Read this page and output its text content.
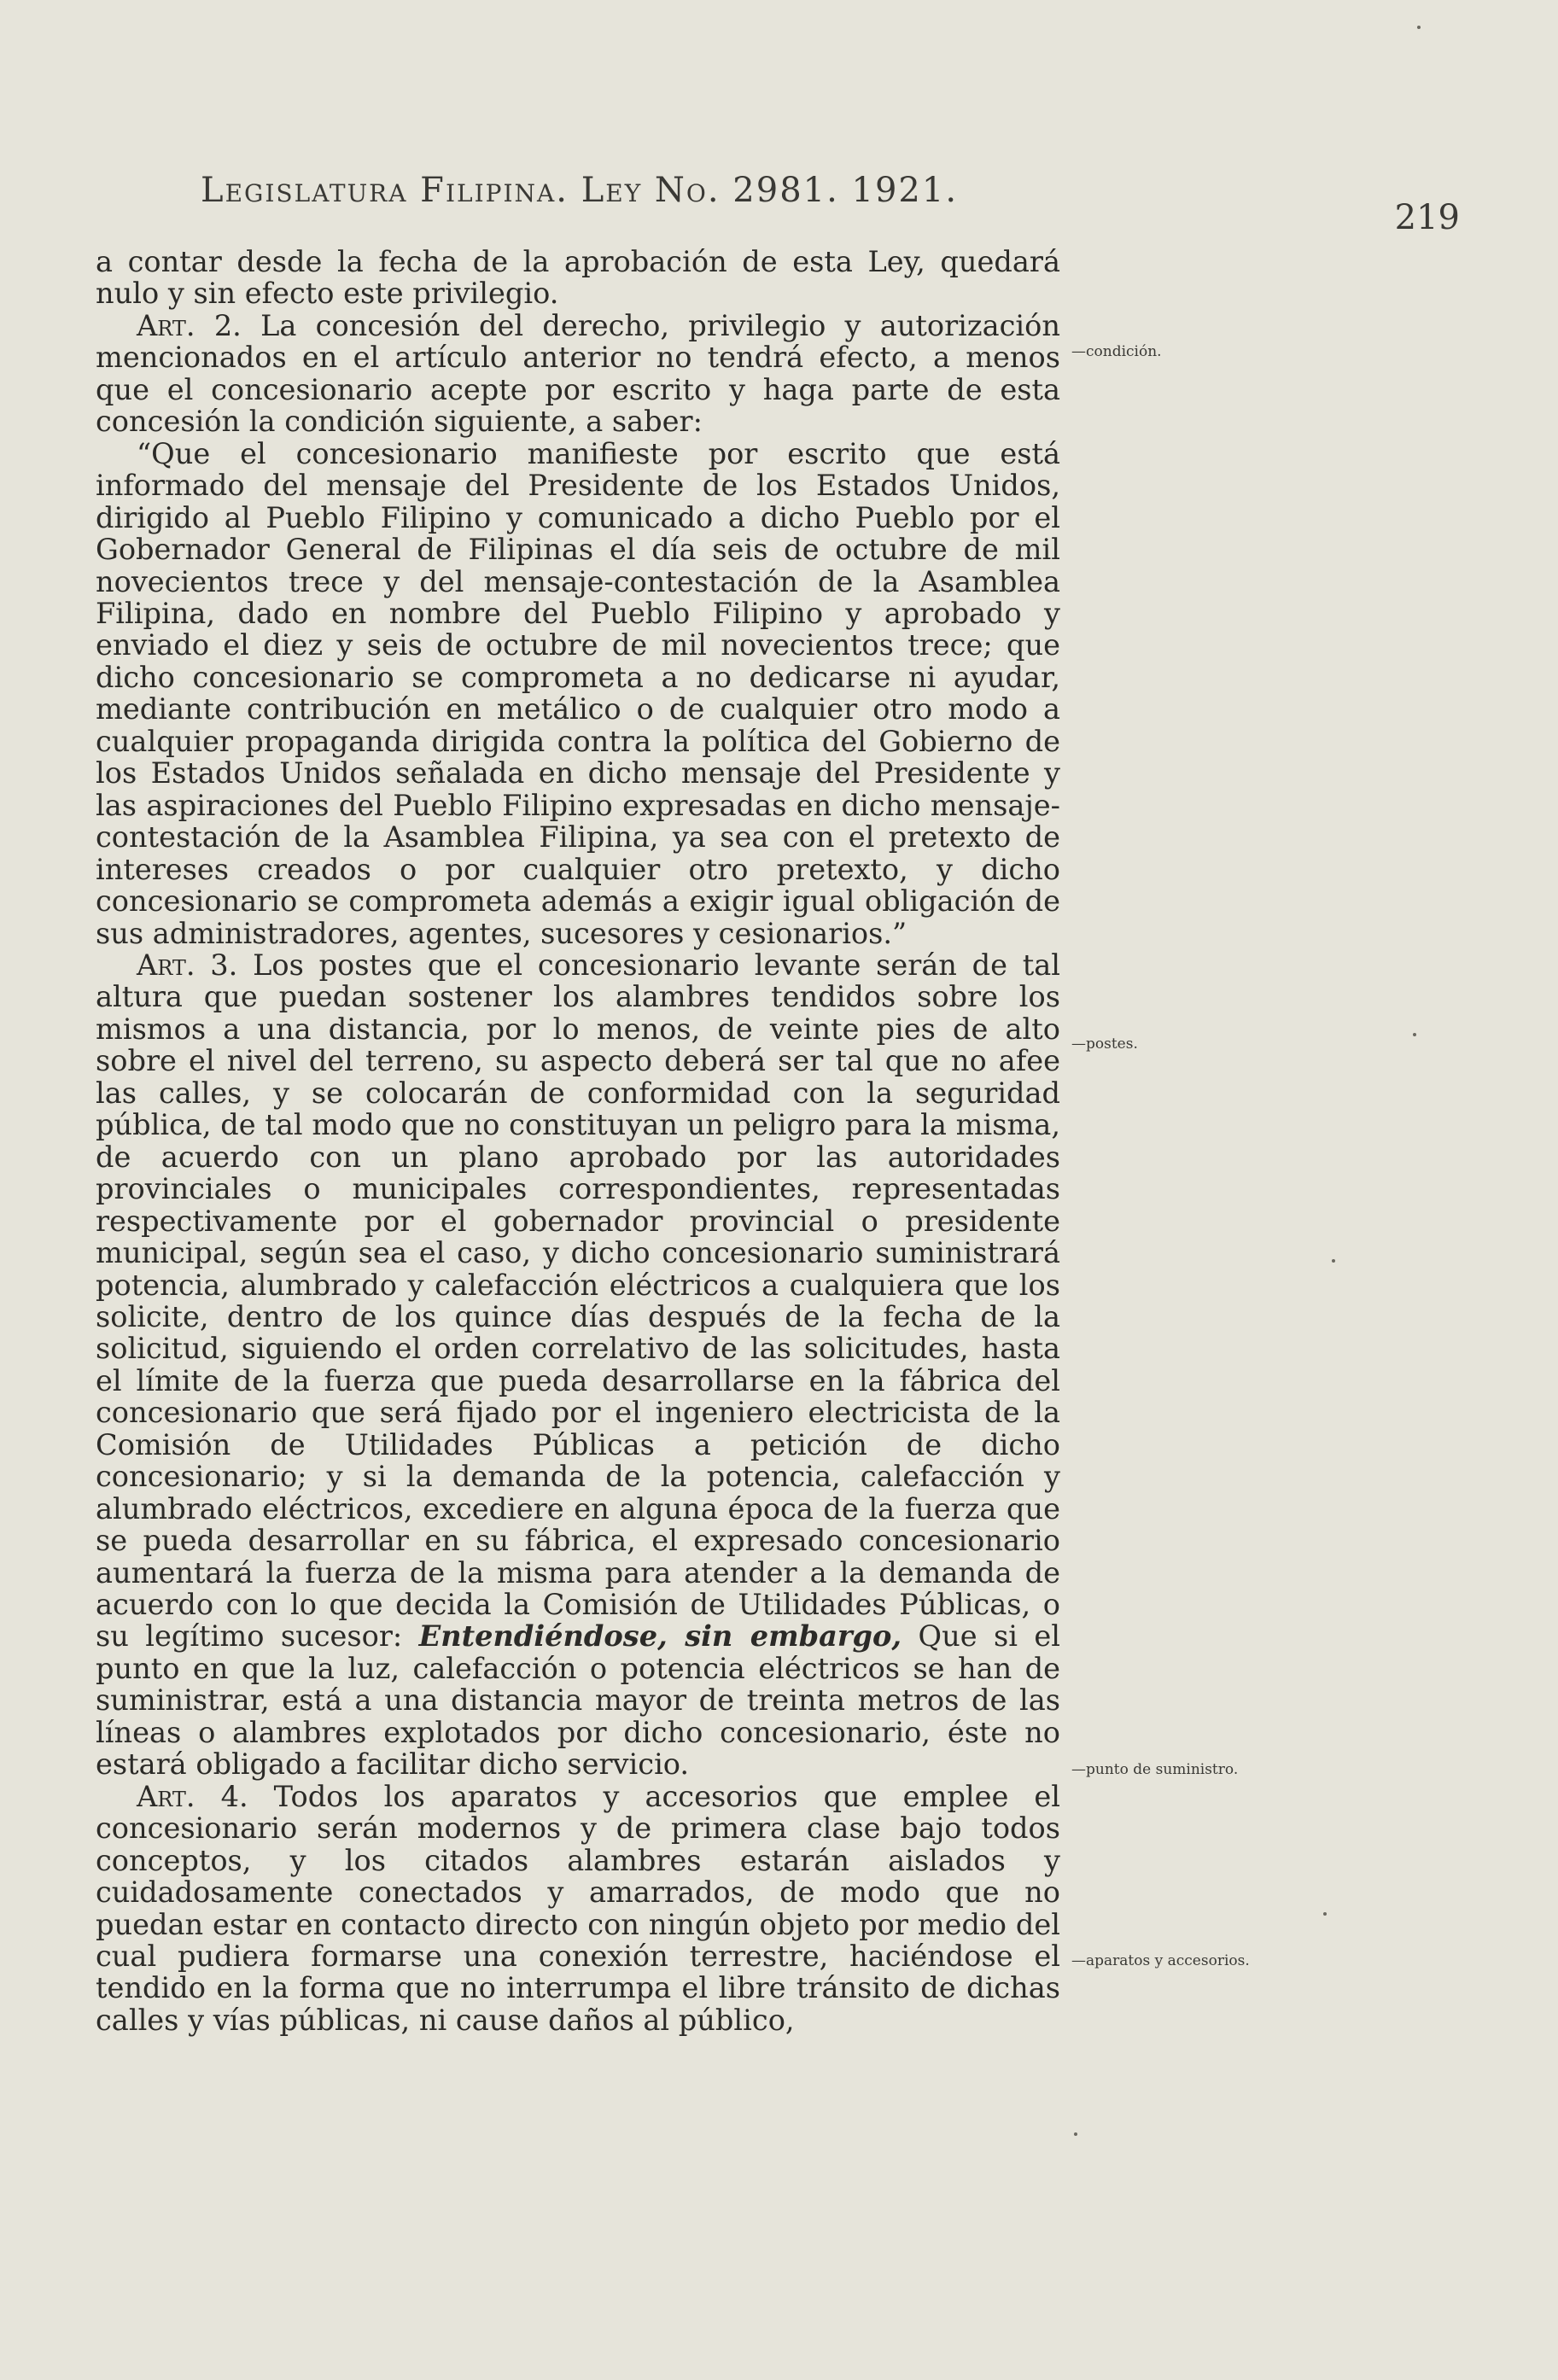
Legislatura Filipina. Ley No. 2981. 1921.
219

a contar desde la fecha de la aprobación de esta Ley, quedará nulo y sin efecto este privilegio.

Art. 2. La concesión del derecho, privilegio y autorización mencionados en el artículo anterior no tendrá efecto, a menos que el concesionario acepte por escrito y haga parte de esta concesión la condición siguiente, a saber:

“Que el concesionario manifieste por escrito que está informado del mensaje del Presidente de los Estados Unidos, dirigido al Pueblo Filipino y comunicado a dicho Pueblo por el Gobernador General de Filipinas el día seis de octubre de mil novecientos trece y del mensaje-contestación de la Asamblea Filipina, dado en nombre del Pueblo Filipino y aprobado y enviado el diez y seis de octubre de mil novecientos trece; que dicho concesionario se comprometa a no dedicarse ni ayudar, mediante contribución en metálico o de cualquier otro modo a cualquier propaganda dirigida contra la política del Gobierno de los Estados Unidos señalada en dicho mensaje del Presidente y las aspiraciones del Pueblo Filipino expresadas en dicho mensaje-contestación de la Asamblea Filipina, ya sea con el pretexto de intereses creados o por cualquier otro pretexto, y dicho concesionario se comprometa además a exigir igual obligación de sus administradores, agentes, sucesores y cesionarios.”

Art. 3. Los postes que el concesionario levante serán de tal altura que puedan sostener los alambres tendidos sobre los mismos a una distancia, por lo menos, de veinte pies de alto sobre el nivel del terreno, su aspecto deberá ser tal que no afee las calles, y se colocarán de conformidad con la seguridad pública, de tal modo que no constituyan un peligro para la misma, de acuerdo con un plano aprobado por las autoridades provinciales o municipales correspondientes, representadas respectivamente por el gobernador provincial o presidente municipal, según sea el caso, y dicho concesionario suministrará potencia, alumbrado y calefacción eléctricos a cualquiera que los solicite, dentro de los quince días después de la fecha de la solicitud, siguiendo el orden correlativo de las solicitudes, hasta el límite de la fuerza que pueda desarrollarse en la fábrica del concesionario que será fijado por el ingeniero electricista de la Comisión de Utilidades Públicas a petición de dicho concesionario; y si la demanda de la potencia, calefacción y alumbrado eléctricos, excediere en alguna época de la fuerza que se pueda desarrollar en su fábrica, el expresado concesionario aumentará la fuerza de la misma para atender a la demanda de acuerdo con lo que decida la Comisión de Utilidades Públicas, o su legítimo sucesor: Entendiéndose, sin embargo, Que si el punto en que la luz, calefacción o potencia eléctricos se han de suministrar, está a una distancia mayor de treinta metros de las líneas o alambres explotados por dicho concesionario, éste no estará obligado a facilitar dicho servicio.

Art. 4. Todos los aparatos y accesorios que emplee el concesionario serán modernos y de primera clase bajo todos conceptos, y los citados alambres estarán aislados y cuidadosamente conectados y amarrados, de modo que no puedan estar en contacto directo con ningún objeto por medio del cual pudiera formarse una conexión terrestre, haciéndose el tendido en la forma que no interrumpa el libre tránsito de dichas calles y vías públicas, ni cause daños al público,

—condición.
—postes.
—punto de suministro.
—aparatos y accesorios.
